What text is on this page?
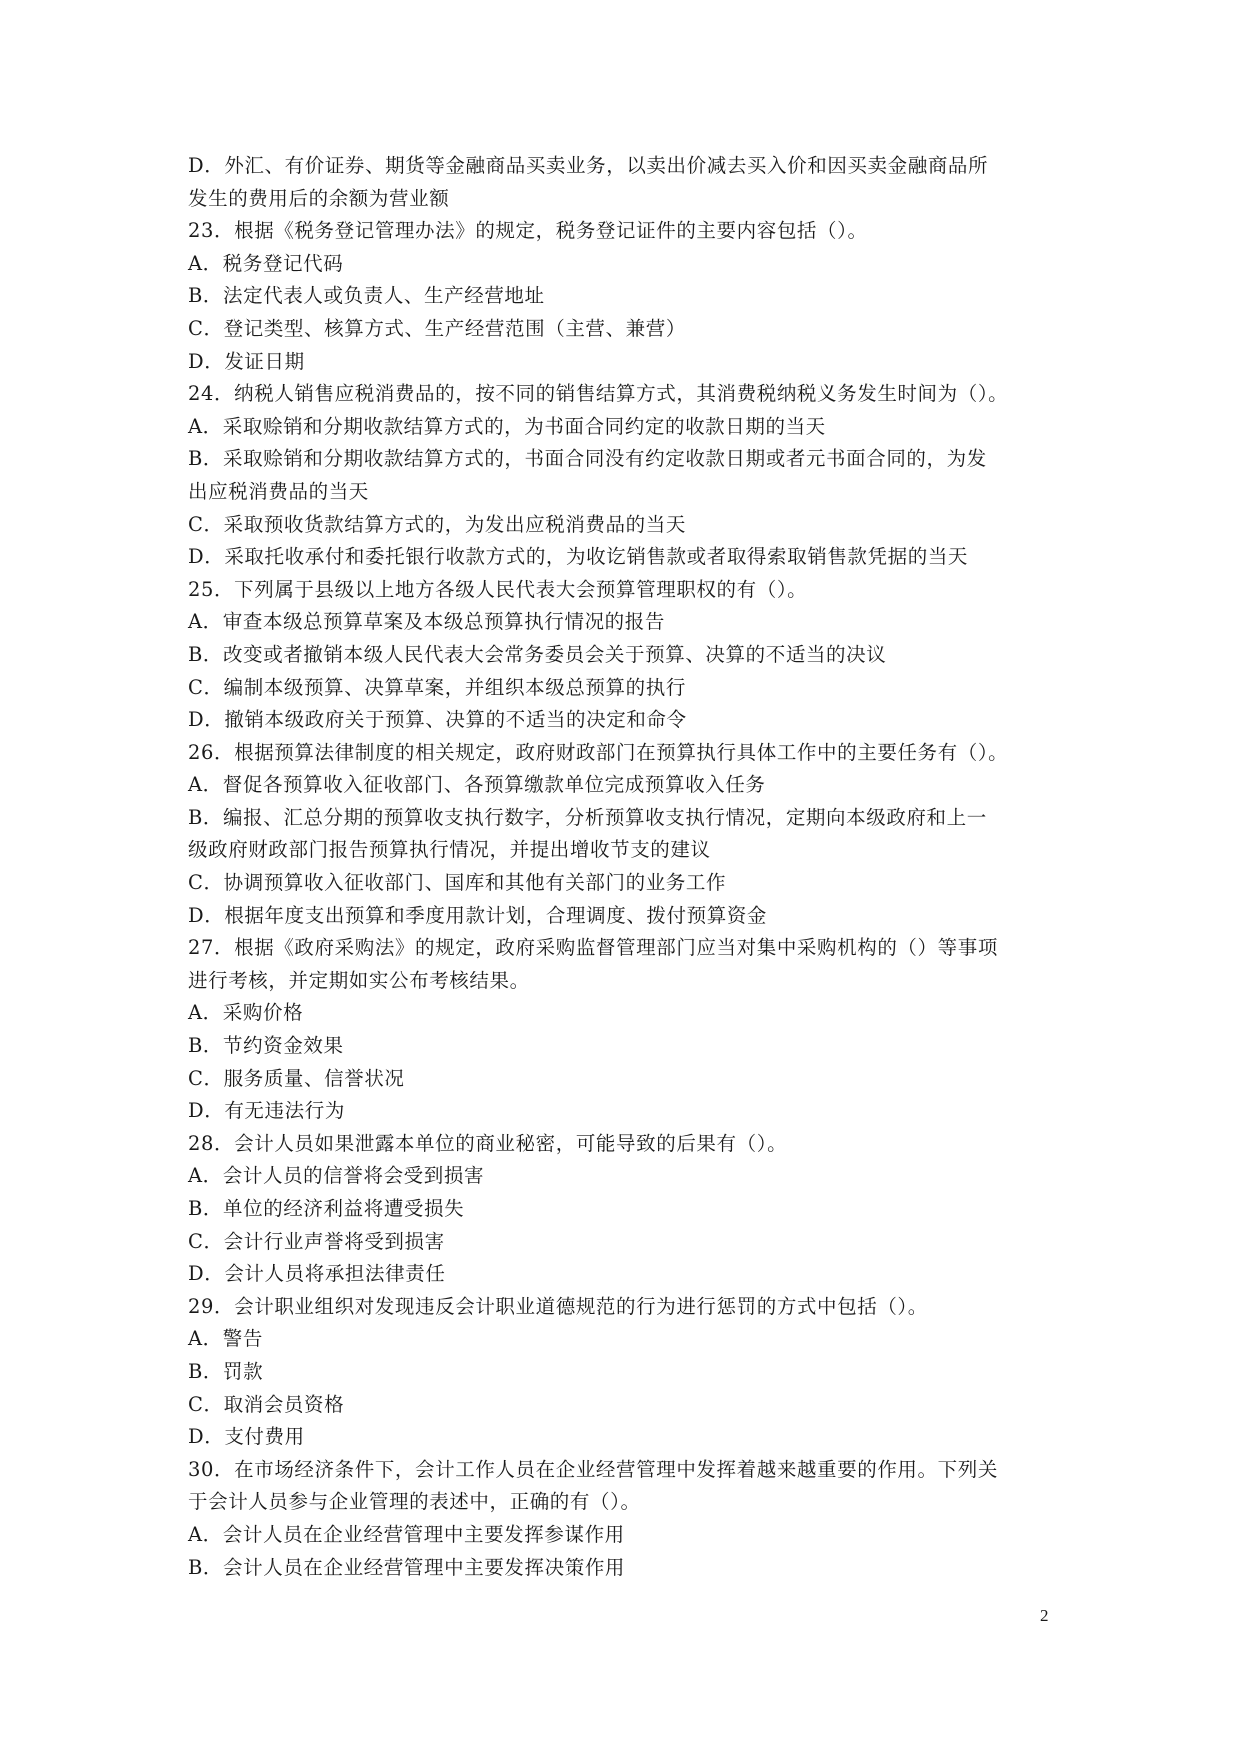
D．外汇、有价证券、期货等金融商品买卖业务，以卖出价减去买入价和因买卖金融商品所
发生的费用后的余额为营业额
23．根据《税务登记管理办法》的规定，税务登记证件的主要内容包括（）。
A．税务登记代码
B．法定代表人或负责人、生产经营地址
C．登记类型、核算方式、生产经营范围（主营、兼营）
D．发证日期
24．纳税人销售应税消费品的，按不同的销售结算方式，其消费税纳税义务发生时间为（）。
A．采取赊销和分期收款结算方式的，为书面合同约定的收款日期的当天
B．采取赊销和分期收款结算方式的，书面合同没有约定收款日期或者元书面合同的，为发
出应税消费品的当天
C．采取预收货款结算方式的，为发出应税消费品的当天
D．采取托收承付和委托银行收款方式的，为收讫销售款或者取得索取销售款凭据的当天
25．下列属于县级以上地方各级人民代表大会预算管理职权的有（）。
A．审查本级总预算草案及本级总预算执行情况的报告
B．改变或者撤销本级人民代表大会常务委员会关于预算、决算的不适当的决议
C．编制本级预算、决算草案，并组织本级总预算的执行
D．撤销本级政府关于预算、决算的不适当的决定和命令
26．根据预算法律制度的相关规定，政府财政部门在预算执行具体工作中的主要任务有（）。
A．督促各预算收入征收部门、各预算缴款单位完成预算收入任务
B．编报、汇总分期的预算收支执行数字，分析预算收支执行情况，定期向本级政府和上一
级政府财政部门报告预算执行情况，并提出增收节支的建议
C．协调预算收入征收部门、国库和其他有关部门的业务工作
D．根据年度支出预算和季度用款计划，合理调度、拨付预算资金
27．根据《政府采购法》的规定，政府采购监督管理部门应当对集中采购机构的（）等事项
进行考核，并定期如实公布考核结果。
A．采购价格
B．节约资金效果
C．服务质量、信誉状况
D．有无违法行为
28．会计人员如果泄露本单位的商业秘密，可能导致的后果有（）。
A．会计人员的信誉将会受到损害
B．单位的经济利益将遭受损失
C．会计行业声誉将受到损害
D．会计人员将承担法律责任
29．会计职业组织对发现违反会计职业道德规范的行为进行惩罚的方式中包括（）。
A．警告
B．罚款
C．取消会员资格
D．支付费用
30．在市场经济条件下，会计工作人员在企业经营管理中发挥着越来越重要的作用。下列关
于会计人员参与企业管理的表述中，正确的有（）。
A．会计人员在企业经营管理中主要发挥参谋作用
B．会计人员在企业经营管理中主要发挥决策作用
2
